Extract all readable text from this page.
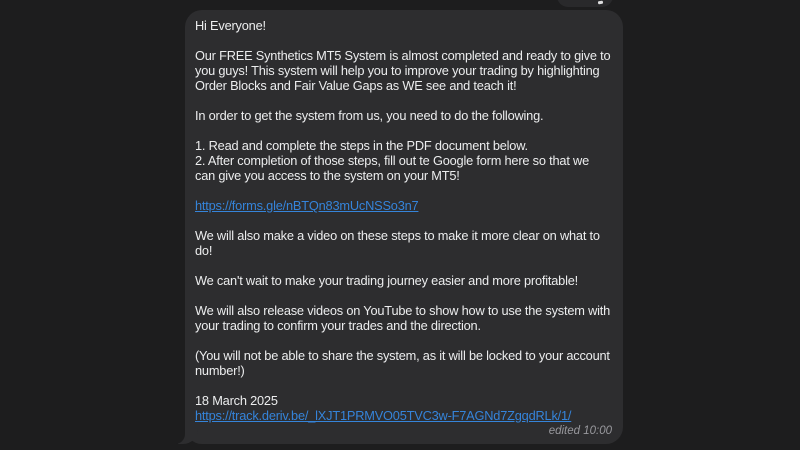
Hi Everyone!
Our FREE Synthetics MT5 System is almost completed and ready to give to you guys! This system will help you to improve your trading by highlighting Order Blocks and Fair Value Gaps as WE see and teach it!
In order to get the system from us, you need to do the following.
1. Read and complete the steps in the PDF document below.
2. After completion of those steps, fill out te Google form here so that we can give you access to the system on your MT5!
https://forms.gle/nBTQn83mUcNSSo3n7
We will also make a video on these steps to make it more clear on what to do!
We can't wait to make your trading journey easier and more profitable!
We will also release videos on YouTube to show how to use the system with your trading to confirm your trades and the direction.
(You will not be able to share the system, as it will be locked to your account number!)
18 March 2025
https://track.deriv.be/_lXJT1PRMVO05TVC3w-F7AGNd7ZgqdRLk/1/
edited 10:00
